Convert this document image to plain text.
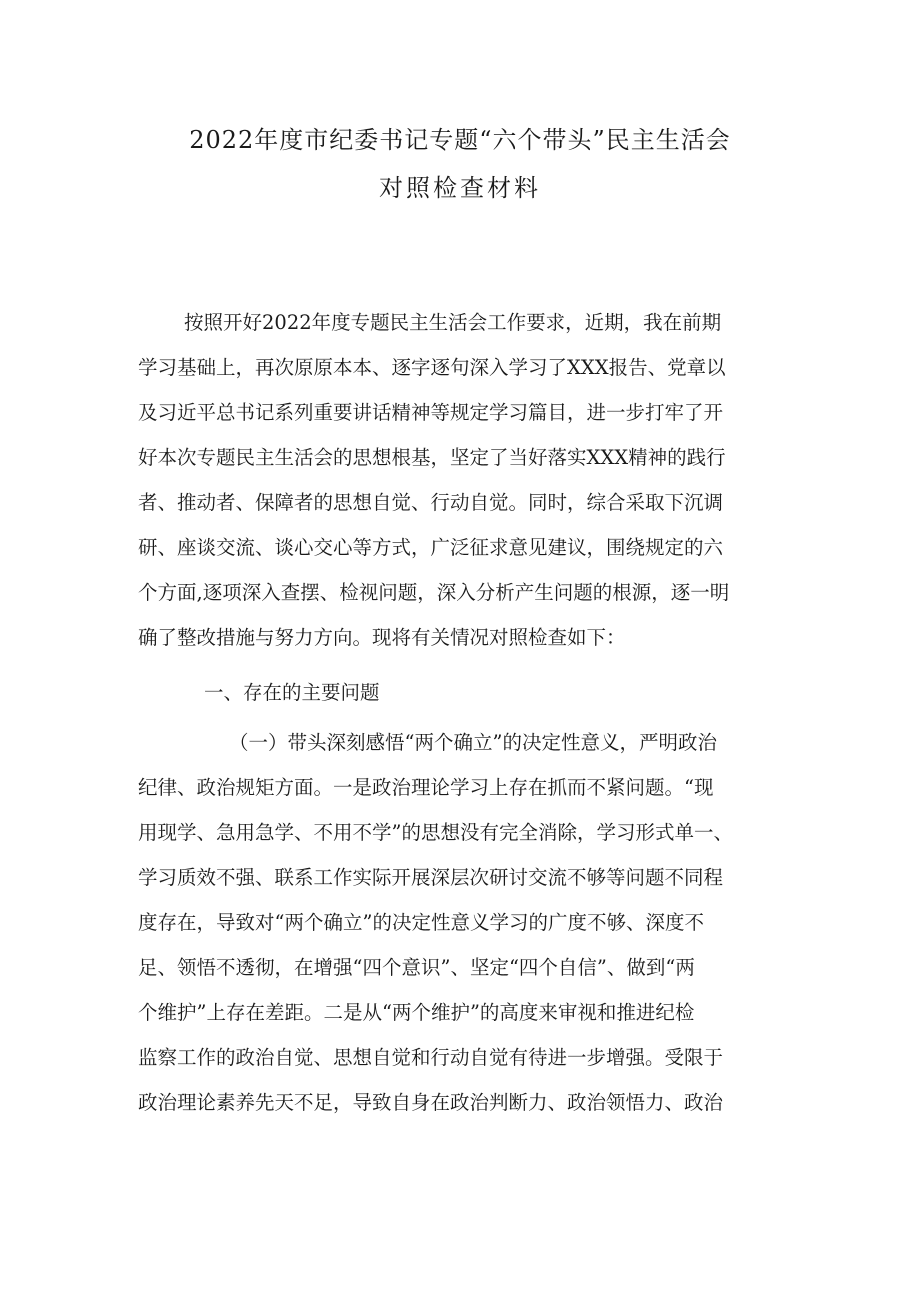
2022年度市纪委书记专题“六个带头”民主生活会
对照检查材料
按照开好2022年度专题民主生活会工作要求，近期，我在前期
学习基础上，再次原原本本、逐字逐句深入学习了XXX报告、党章以
及习近平总书记系列重要讲话精神等规定学习篇目，进一步打牢了开
好本次专题民主生活会的思想根基，坚定了当好落实XXX精神的践行
者、推动者、保障者的思想自觉、行动自觉。同时，综合采取下沉调
研、座谈交流、谈心交心等方式，广泛征求意见建议，围绕规定的六
个方面,逐项深入查摆、检视问题，深入分析产生问题的根源，逐一明
确了整改措施与努力方向。现将有关情况对照检查如下：
一、存在的主要问题
（一）带头深刻感悟“两个确立”的决定性意义，严明政治
纪律、政治规矩方面。一是政治理论学习上存在抓而不紧问题。“现
用现学、急用急学、不用不学”的思想没有完全消除，学习形式单一、
学习质效不强、联系工作实际开展深层次研讨交流不够等问题不同程
度存在，导致对“两个确立”的决定性意义学习的广度不够、深度不
足、领悟不透彻，在增强“四个意识”、坚定“四个自信”、做到“两
个维护”上存在差距。二是从“两个维护”的高度来审视和推进纪检
监察工作的政治自觉、思想自觉和行动自觉有待进一步增强。受限于
政治理论素养先天不足，导致自身在政治判断力、政治领悟力、政治
